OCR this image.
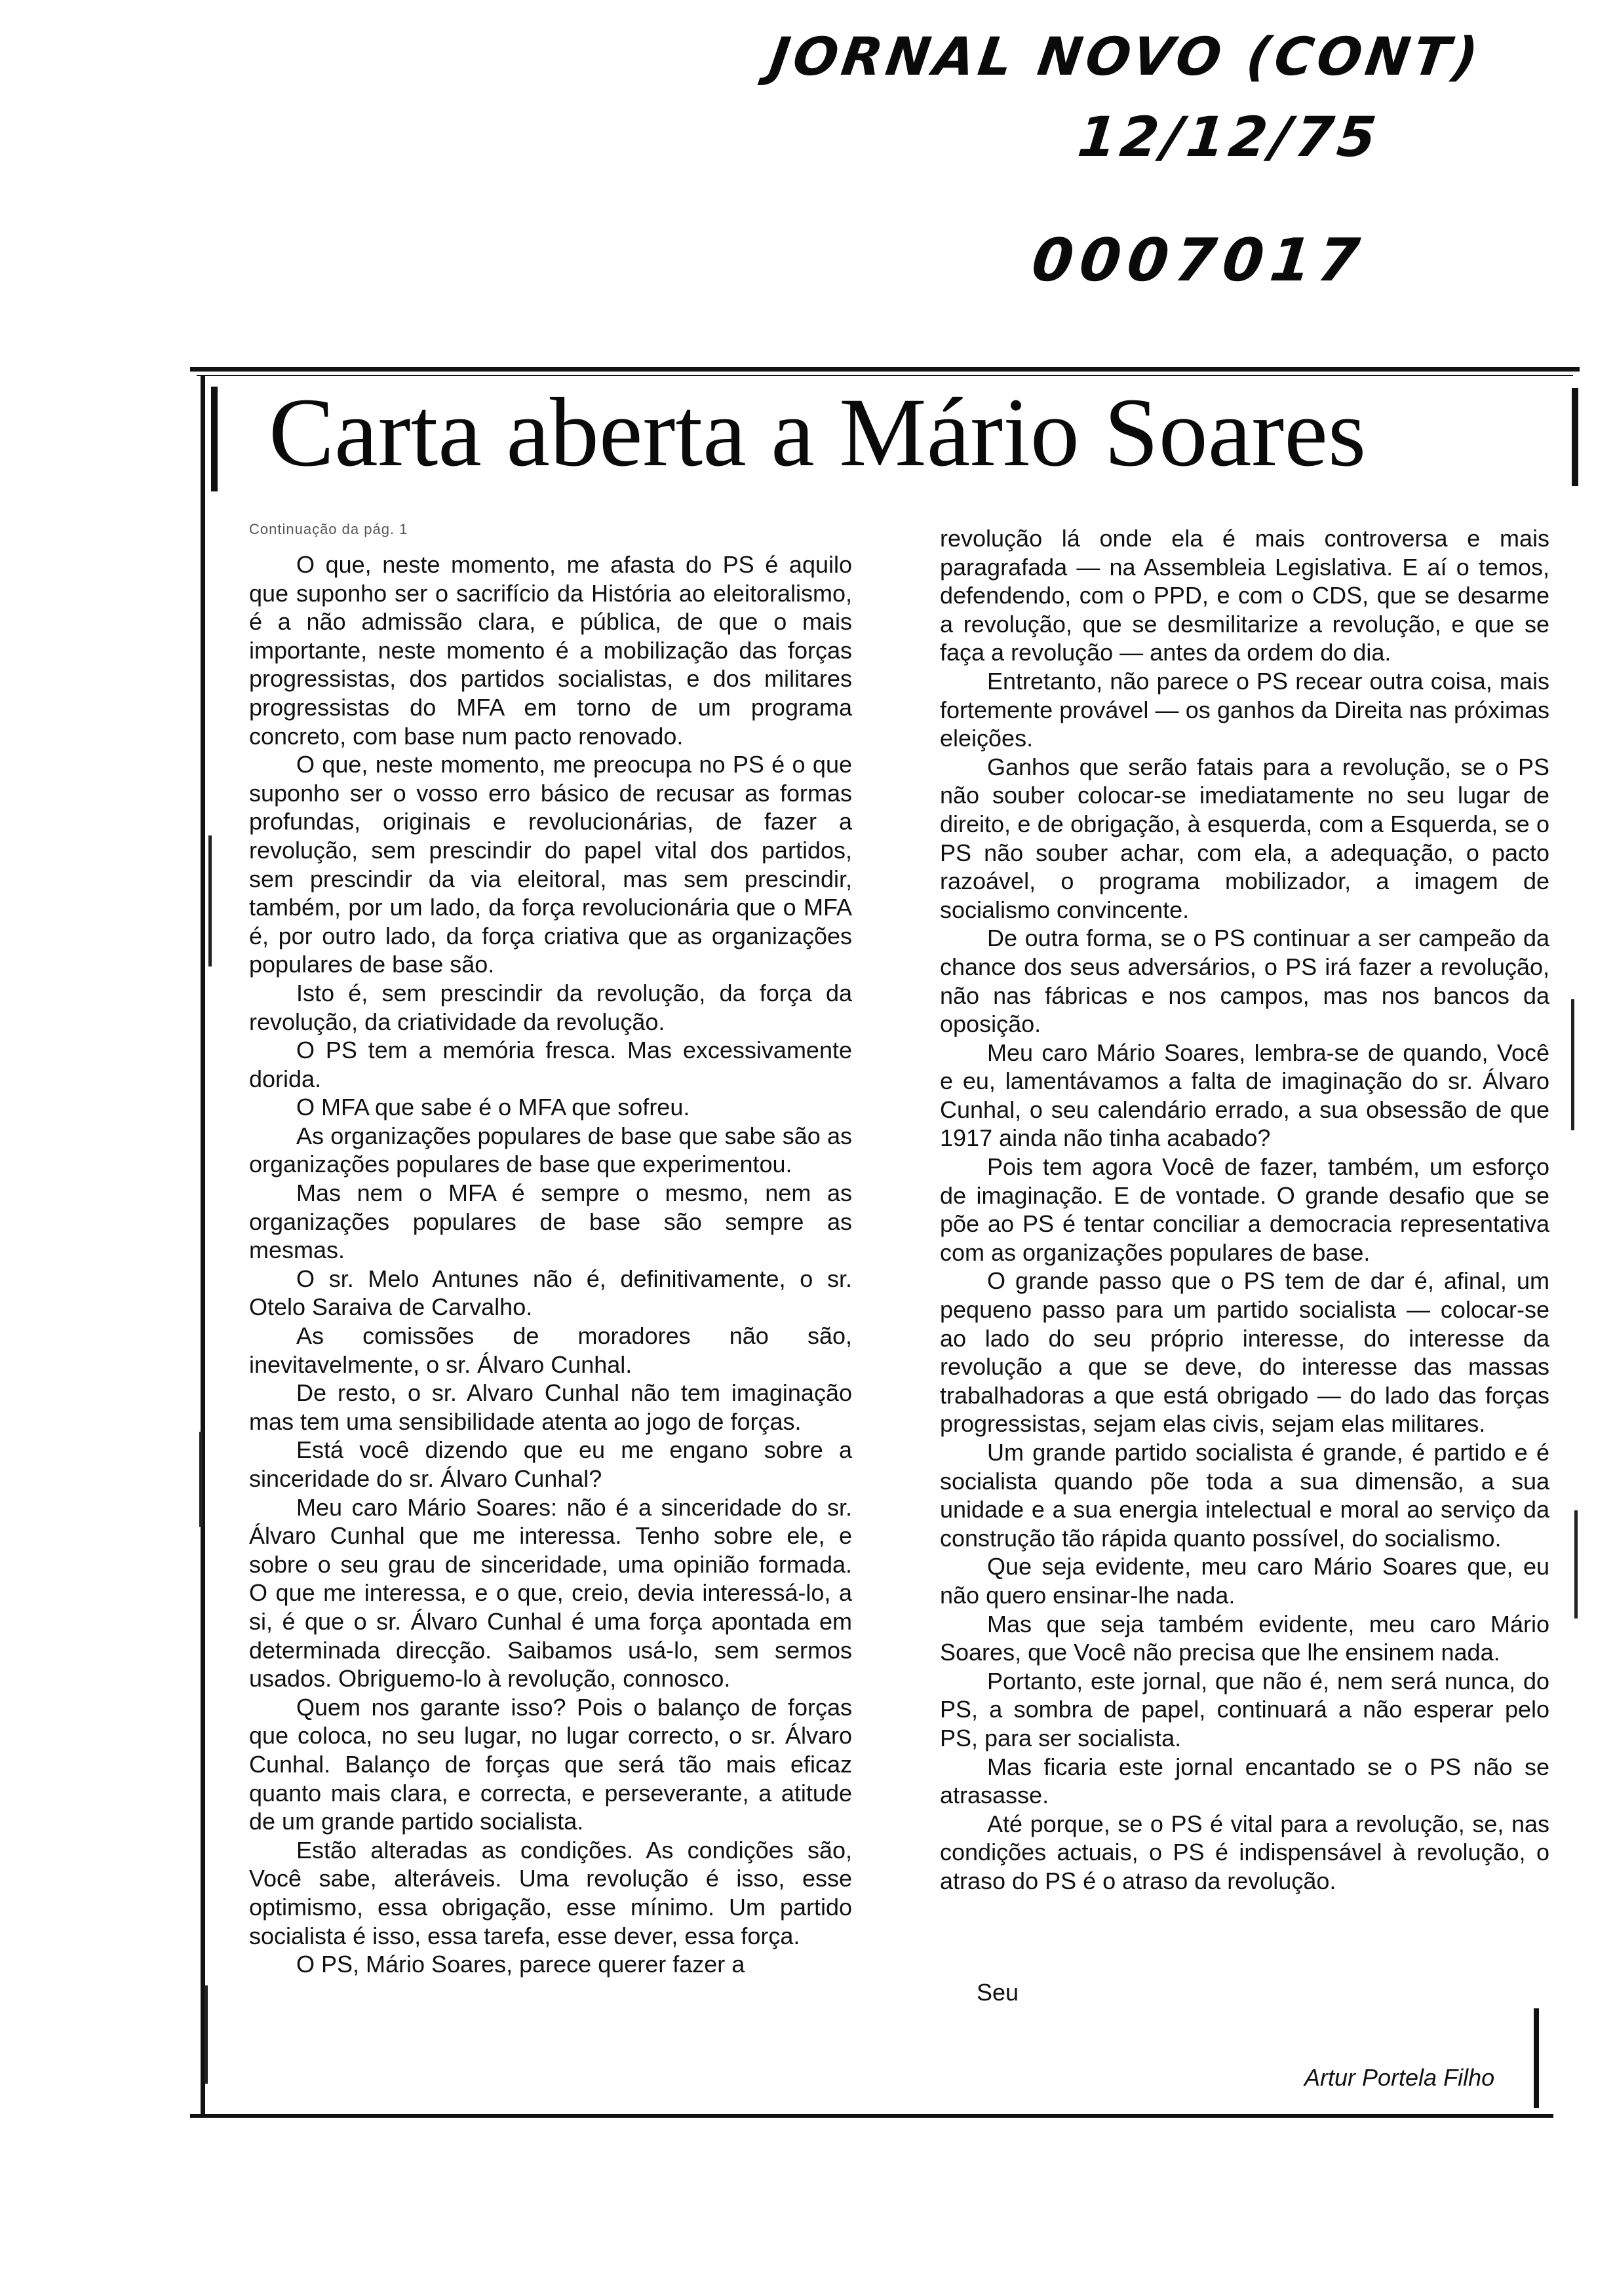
JORNAL NOVO (CONT)
12/12/75
0007017
Carta aberta a Mário Soares
Continuação da pág. 1

O que, neste momento, me afasta do PS é aquilo que suponho ser o sacrifício da História ao eleitoralismo, é a não admissão clara, e pública, de que o mais importante, neste momento é a mobilização das forças progressistas, dos partidos socialistas, e dos militares progressistas do MFA em torno de um programa concreto, com base num pacto renovado.

O que, neste momento, me preocupa no PS é o que suponho ser o vosso erro básico de recusar as formas profundas, originais e revolucionárias, de fazer a revolução, sem prescindir do papel vital dos partidos, sem prescindir da via eleitoral, mas sem prescindir, também, por um lado, da força revolucionária que o MFA é, por outro lado, da força criativa que as organizações populares de base são.

Isto é, sem prescindir da revolução, da força da revolução, da criatividade da revolução.

O PS tem a memória fresca. Mas excessivamente dorida.

O MFA que sabe é o MFA que sofreu.

As organizações populares de base que sabe são as organizações populares de base que experimentou.

Mas nem o MFA é sempre o mesmo, nem as organizações populares de base são sempre as mesmas.

O sr. Melo Antunes não é, definitivamente, o sr. Otelo Saraiva de Carvalho.

As comissões de moradores não são, inevitavelmente, o sr. Álvaro Cunhal.

De resto, o sr. Alvaro Cunhal não tem imaginação mas tem uma sensibilidade atenta ao jogo de forças.

Está você dizendo que eu me engano sobre a sinceridade do sr. Álvaro Cunhal?

Meu caro Mário Soares: não é a sinceridade do sr. Álvaro Cunhal que me interessa. Tenho sobre ele, e sobre o seu grau de sinceridade, uma opinião formada. O que me interessa, e o que, creio, devia interessá-lo, a si, é que o sr. Álvaro Cunhal é uma força apontada em determinada direcção. Saibamos usá-lo, sem sermos usados. Obriguemo-lo à revolução, connosco.

Quem nos garante isso? Pois o balanço de forças que coloca, no seu lugar, no lugar correcto, o sr. Álvaro Cunhal. Balanço de forças que será tão mais eficaz quanto mais clara, e correcta, e perseverante, a atitude de um grande partido socialista.

Estão alteradas as condições. As condições são, Você sabe, alteráveis. Uma revolução é isso, esse optimismo, essa obrigação, esse mínimo. Um partido socialista é isso, essa tarefa, esse dever, essa força.

O PS, Mário Soares, parece querer fazer a

revolução lá onde ela é mais controversa e mais paragrafada — na Assembleia Legislativa. E aí o temos, defendendo, com o PPD, e com o CDS, que se desarme a revolução, que se desmilitarize a revolução, e que se faça a revolução — antes da ordem do dia.

Entretanto, não parece o PS recear outra coisa, mais fortemente provável — os ganhos da Direita nas próximas eleições.

Ganhos que serão fatais para a revolução, se o PS não souber colocar-se imediatamente no seu lugar de direito, e de obrigação, à esquerda, com a Esquerda, se o PS não souber achar, com ela, a adequação, o pacto razoável, o programa mobilizador, a imagem de socialismo convincente.

De outra forma, se o PS continuar a ser campeão da chance dos seus adversários, o PS irá fazer a revolução, não nas fábricas e nos campos, mas nos bancos da oposição.

Meu caro Mário Soares, lembra-se de quando, Você e eu, lamentávamos a falta de imaginação do sr. Álvaro Cunhal, o seu calendário errado, a sua obsessão de que 1917 ainda não tinha acabado?

Pois tem agora Você de fazer, também, um esforço de imaginação. E de vontade. O grande desafio que se põe ao PS é tentar conciliar a democracia representativa com as organizações populares de base.

O grande passo que o PS tem de dar é, afinal, um pequeno passo para um partido socialista — colocar-se ao lado do seu próprio interesse, do interesse da revolução a que se deve, do interesse das massas trabalhadoras a que está obrigado — do lado das forças progressistas, sejam elas civis, sejam elas militares.

Um grande partido socialista é grande, é partido e é socialista quando põe toda a sua dimensão, a sua unidade e a sua energia intelectual e moral ao serviço da construção tão rápida quanto possível, do socialismo.

Que seja evidente, meu caro Mário Soares que, eu não quero ensinar-lhe nada.

Mas que seja também evidente, meu caro Mário Soares, que Você não precisa que lhe ensinem nada.

Portanto, este jornal, que não é, nem será nunca, do PS, a sombra de papel, continuará a não esperar pelo PS, para ser socialista.

Mas ficaria este jornal encantado se o PS não se atrasasse.

Até porque, se o PS é vital para a revolução, se, nas condições actuais, o PS é indispensável à revolução, o atraso do PS é o atraso da revolução.

Seu
Artur Portela Filho
